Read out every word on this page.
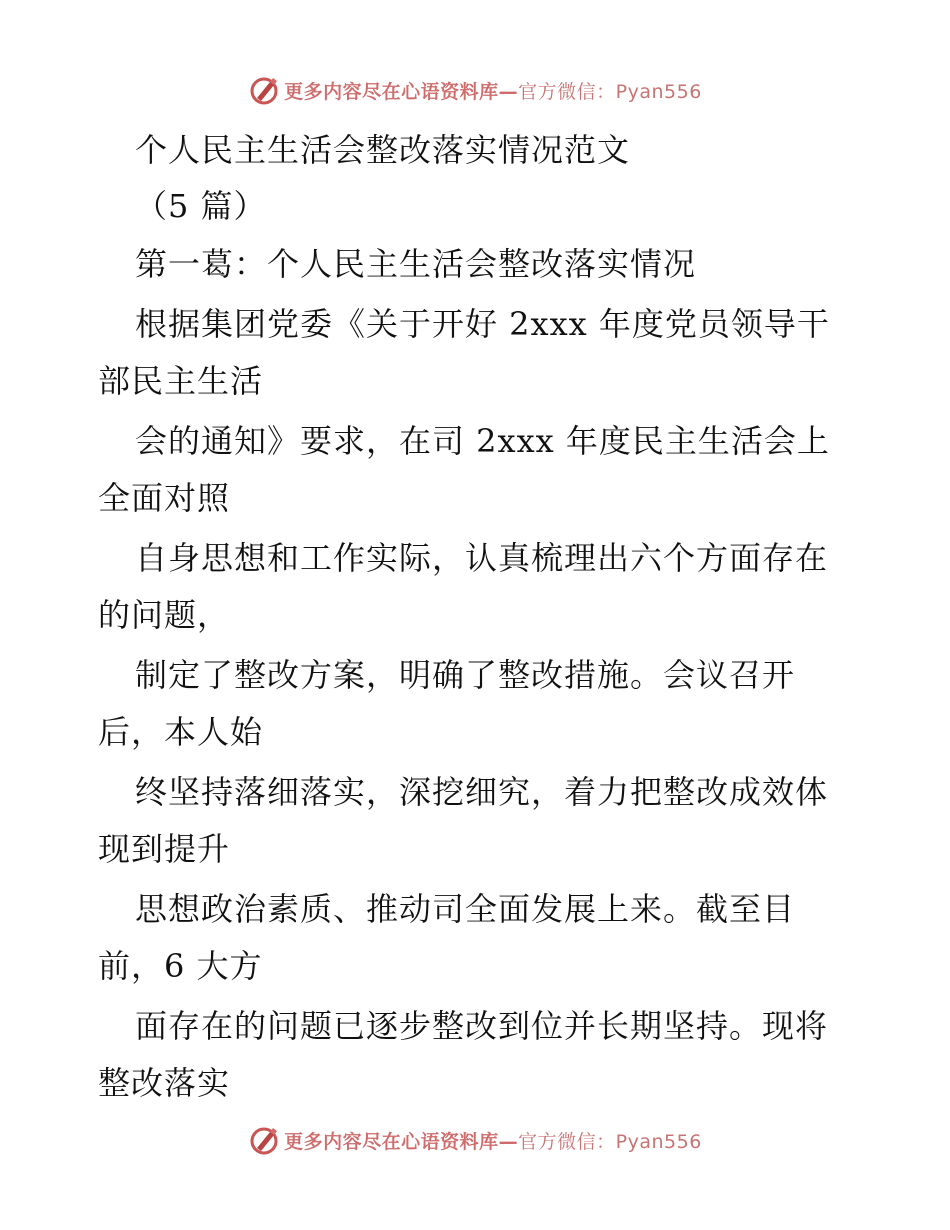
更多内容尽在心语资料库—官方微信：Pyan556
个人民主生活会整改落实情况范文
（5 篇）
第一葛：个人民主生活会整改落实情况
根据集团党委《关于开好 2xxx 年度党员领导干
部民主生活
会的通知》要求，在司 2xxx 年度民主生活会上
全面对照
自身思想和工作实际，认真梳理出六个方面存在
的问题，
制定了整改方案，明确了整改措施。会议召开
后，本人始
终坚持落细落实，深挖细究，着力把整改成效体
现到提升
思想政治素质、推动司全面发展上来。截至目
前，6 大方
面存在的问题已逐步整改到位并长期坚持。现将
整改落实
更多内容尽在心语资料库—官方微信：Pyan556
